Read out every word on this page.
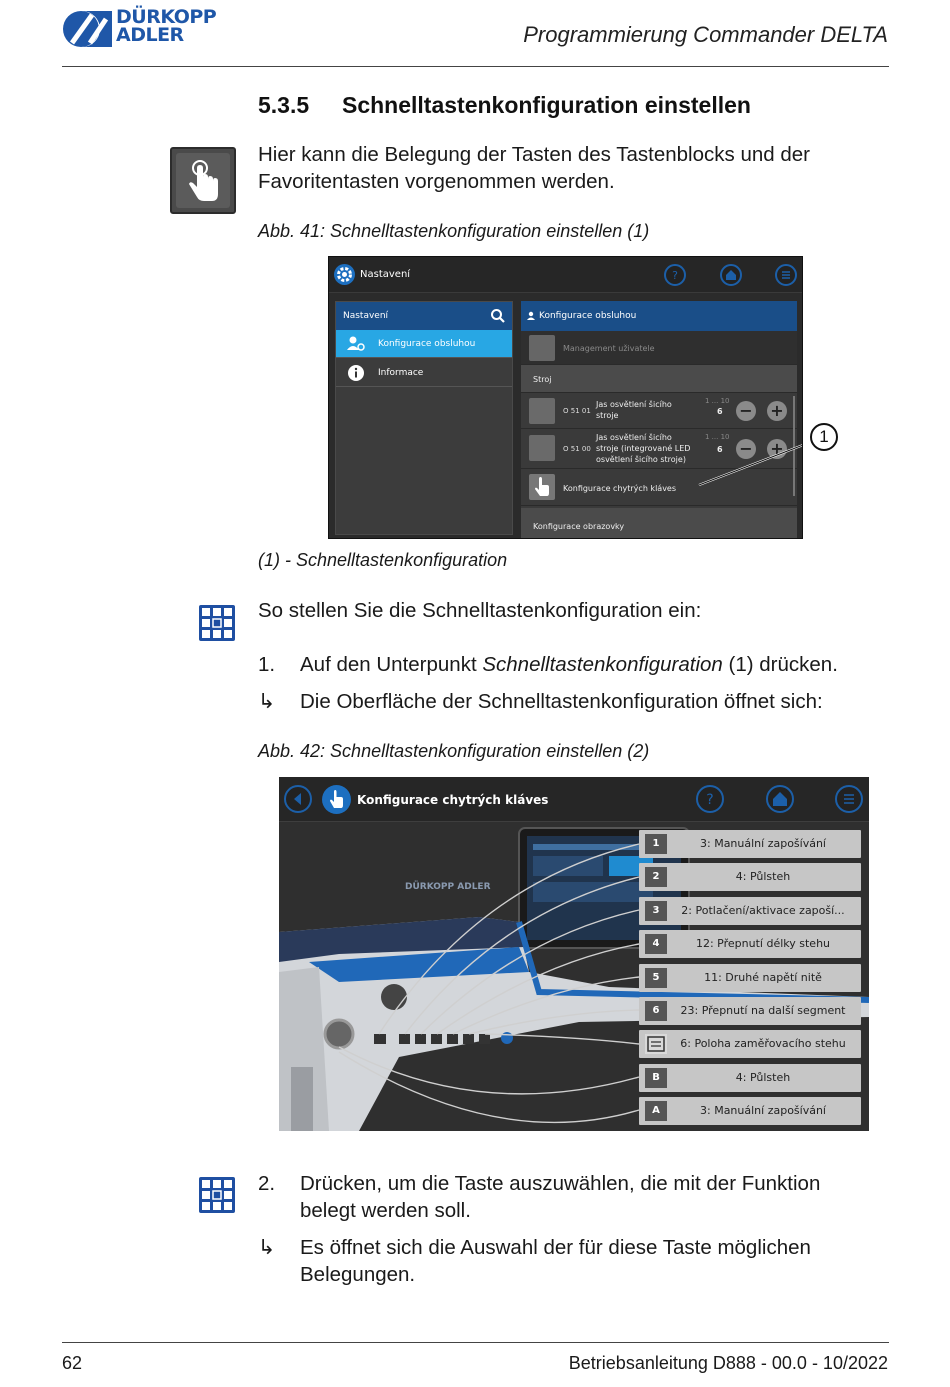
DÜRKOPP
ADLER	Programmierung Commander DELTA
5.3.5 Schnelltastenkonfiguration einstellen
Hier kann die Belegung der Tasten des Tastenblocks und der
Favoritentasten vorgenommen werden.
Abb. 41: Schnelltastenkonfiguration einstellen (1)
Nastavení	?
Nastavení
Konfigurace obsluhou
Informace
Konfigurace obsluhou
Management uživatele
Stroj
O 51 01
Jas osvětlení šicího
stroje
1 ... 10
6 − +
O 51 00
Jas osvětlení šicího
stroje (integrované LED
osvětlení šicího stroje)
1 ... 10
6 − +
Konfigurace chytrých kláves
Konfigurace obrazovky
1
(1) - Schnelltastenkonfiguration
So stellen Sie die Schnelltastenkonfiguration ein:
1. Auf den Unterpunkt Schnelltastenkonfiguration (1) drücken.
↳ Die Oberfläche der Schnelltastenkonfiguration öffnet sich:
Abb. 42: Schnelltastenkonfiguration einstellen (2)
Konfigurace chytrých kláves	?
DÜRKOPP ADLER
1	3: Manuální zapošívání
2	4: Půlsteh
3	2: Potlačení/aktivace zapoší...
4	12: Přepnutí délky stehu
5	11: Druhé napětí nitě
6	23: Přepnutí na další segment
6: Poloha zaměřovacího stehu
B	4: Půlsteh
A	3: Manuální zapošívání
2. Drücken, um die Taste auszuwählen, die mit der Funktion
belegt werden soll.
↳ Es öffnet sich die Auswahl der für diese Taste möglichen
Belegungen.
62	Betriebsanleitung D888 - 00.0 - 10/2022
